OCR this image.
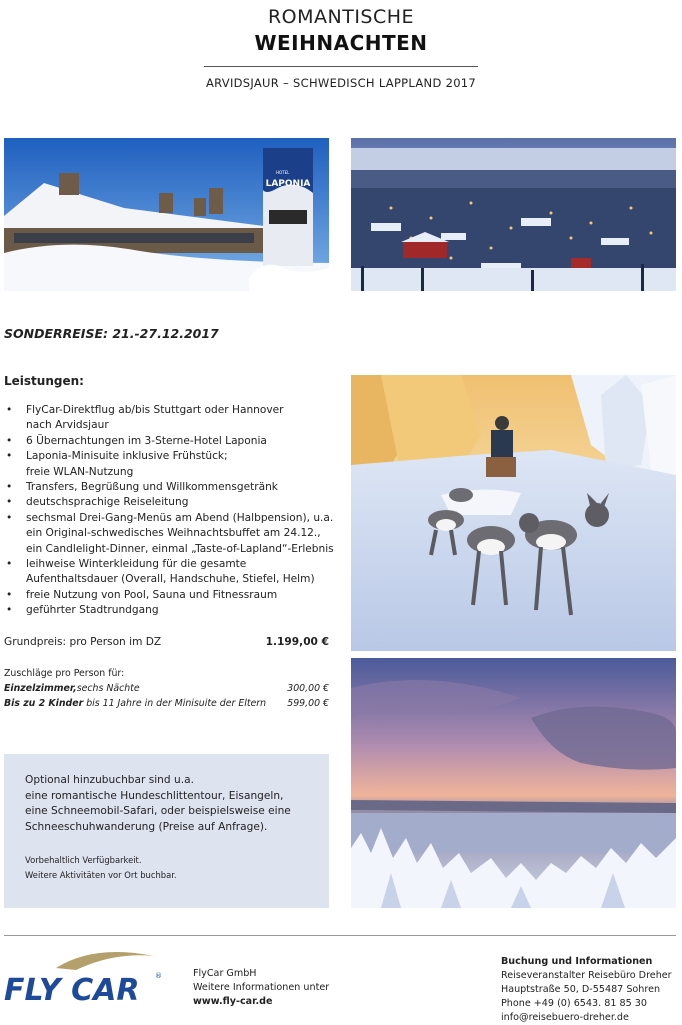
ROMANTISCHE
WEIHNACHTEN
ARVIDSJAUR – SCHWEDISCH LAPPLAND 2017
LAPONIA
HOTEL
SONDERREISE: 21.-27.12.2017
Leistungen:
• FlyCar-Direktflug ab/bis Stuttgart oder Hannover
nach Arvidsjaur
• 6 Übernachtungen im 3-Sterne-Hotel Laponia
• Laponia-Minisuite inklusive Frühstück;
freie WLAN-Nutzung
• Transfers, Begrüßung und Willkommensgetränk
• deutschsprachige Reiseleitung
• sechsmal Drei-Gang-Menüs am Abend (Halbpension), u.a.
ein Original-schwedisches Weihnachtsbuffet am 24.12.,
ein Candlelight-Dinner, einmal „Taste-of-Lapland“-Erlebnis
• leihweise Winterkleidung für die gesamte
Aufenthaltsdauer (Overall, Handschuhe, Stiefel, Helm)
• freie Nutzung von Pool, Sauna und Fitnessraum
• geführter Stadtrundgang
Grundpreis: pro Person im DZ	1.199,00 €
Zuschläge pro Person für:
Einzelzimmer,sechs Nächte	300,00 €
Bis zu 2 Kinder bis 11 Jahre in der Minisuite der Eltern 599,00 €
Optional hinzubuchbar sind u.a.
eine romantische Hundeschlittentour, Eisangeln,
eine Schneemobil-Safari, oder beispielsweise eine
Schneeschuhwanderung (Preise auf Anfrage).
Vorbehaltlich Verfügbarkeit.
Weitere Aktivitäten vor Ort buchbar.
FLY CAR ®	FlyCar GmbH
Weitere Informationen unter
www.fly-car.de
Buchung und Informationen
Reiseveranstalter Reisebüro Dreher
Hauptstraße 50, D-55487 Sohren
Phone +49 (0) 6543. 81 85 30
info@reisebuero-dreher.de
